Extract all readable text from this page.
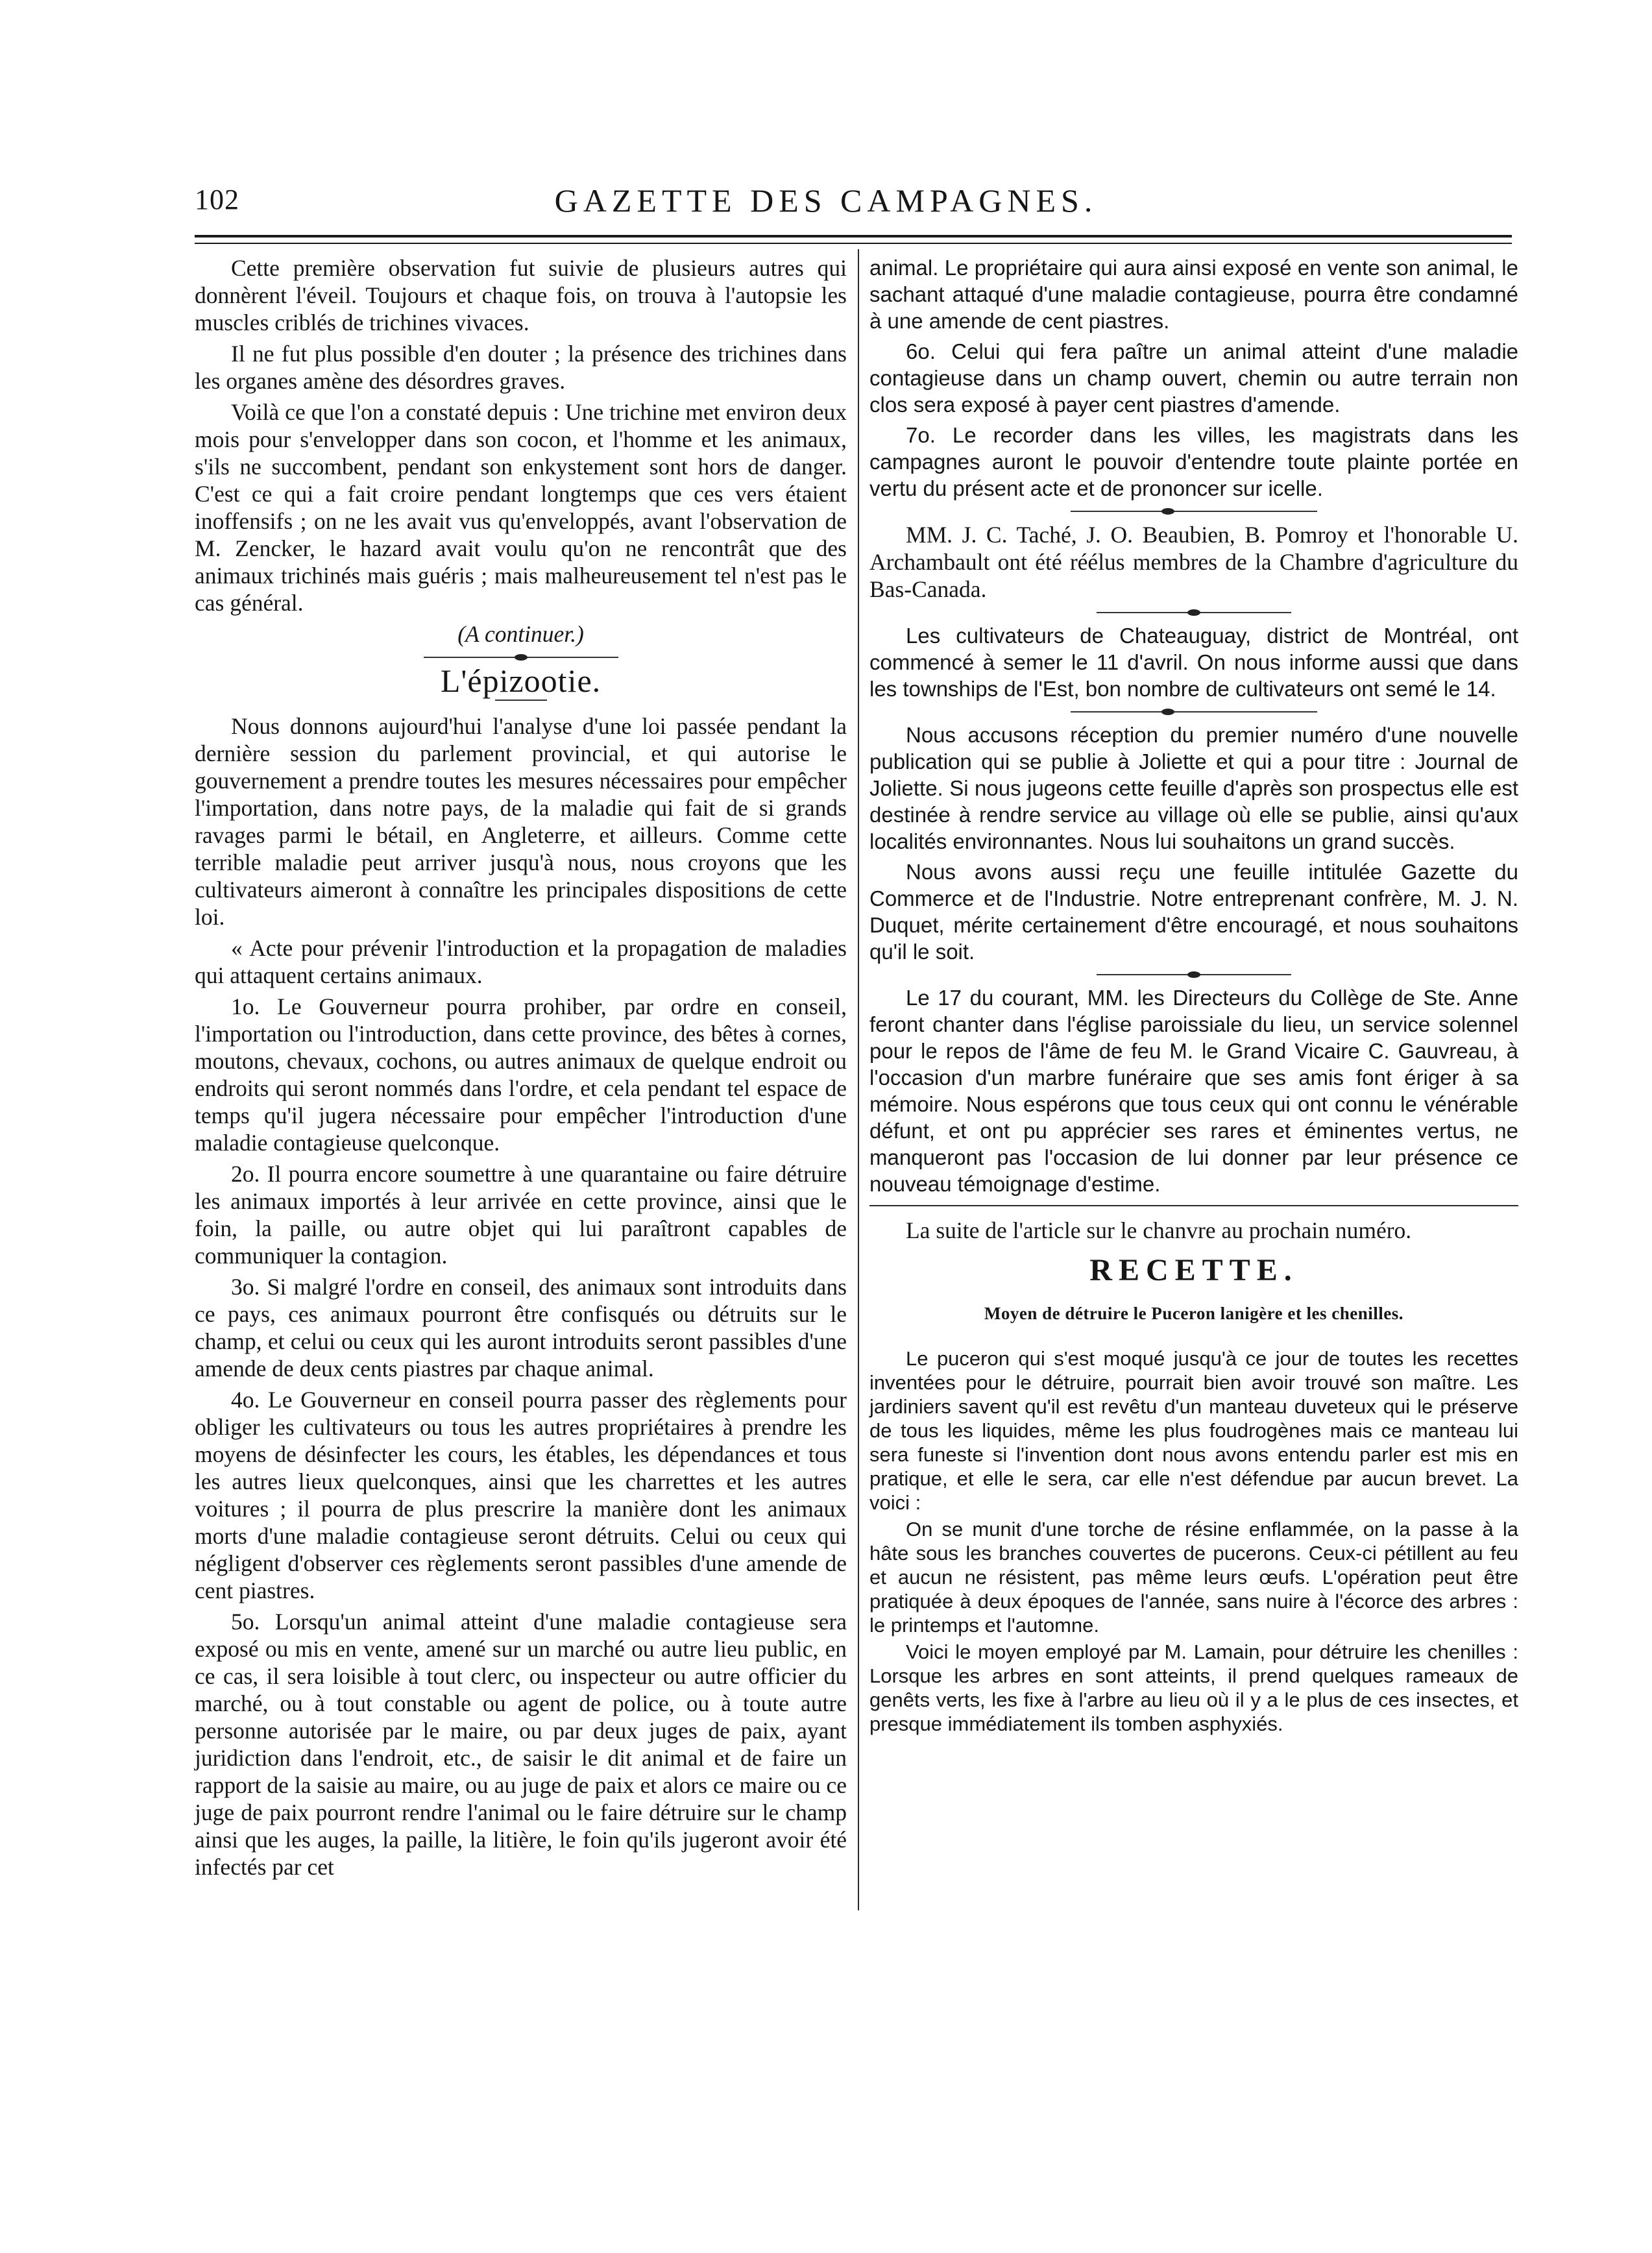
102	GAZETTE DES CAMPAGNES.

Cette première observation fut suivie de plusieurs autres qui donnèrent l'éveil. Toujours et chaque fois, on trouva à l'autopsie les muscles criblés de trichines vivaces.

Il ne fut plus possible d'en douter ; la présence des trichines dans les organes amène des désordres graves.

Voilà ce que l'on a constaté depuis : Une trichine met environ deux mois pour s'envelopper dans son cocon, et l'homme et les animaux, s'ils ne succombent, pendant son enkystement sont hors de danger. C'est ce qui a fait croire pendant longtemps que ces vers étaient inoffensifs ; on ne les avait vus qu'enveloppés, avant l'observation de M. Zencker, le hazard avait voulu qu'on ne rencontrât que des animaux trichinés mais guéris ; mais malheureusement tel n'est pas le cas général.

(A continuer.)

L'épizootie.

Nous donnons aujourd'hui l'analyse d'une loi passée pendant la dernière session du parlement provincial, et qui autorise le gouvernement a prendre toutes les mesures nécessaires pour empêcher l'importation, dans notre pays, de la maladie qui fait de si grands ravages parmi le bétail, en Angleterre, et ailleurs. Comme cette terrible maladie peut arriver jusqu'à nous, nous croyons que les cultivateurs aimeront à connaître les principales dispositions de cette loi.

« Acte pour prévenir l'introduction et la propagation de maladies qui attaquent certains animaux.

1o. Le Gouverneur pourra prohiber, par ordre en conseil, l'importation ou l'introduction, dans cette province, des bêtes à cornes, moutons, chevaux, cochons, ou autres animaux de quelque endroit ou endroits qui seront nommés dans l'ordre, et cela pendant tel espace de temps qu'il jugera nécessaire pour empêcher l'introduction d'une maladie contagieuse quelconque.

2o. Il pourra encore soumettre à une quarantaine ou faire détruire les animaux importés à leur arrivée en cette province, ainsi que le foin, la paille, ou autre objet qui lui paraîtront capables de communiquer la contagion.

3o. Si malgré l'ordre en conseil, des animaux sont introduits dans ce pays, ces animaux pourront être confisqués ou détruits sur le champ, et celui ou ceux qui les auront introduits seront passibles d'une amende de deux cents piastres par chaque animal.

4o. Le Gouverneur en conseil pourra passer des règlements pour obliger les cultivateurs ou tous les autres propriétaires à prendre les moyens de désinfecter les cours, les étables, les dépendances et tous les autres lieux quelconques, ainsi que les charrettes et les autres voitures ; il pourra de plus prescrire la manière dont les animaux morts d'une maladie contagieuse seront détruits. Celui ou ceux qui négligent d'observer ces règlements seront passibles d'une amende de cent piastres.

5o. Lorsqu'un animal atteint d'une maladie contagieuse sera exposé ou mis en vente, amené sur un marché ou autre lieu public, en ce cas, il sera loisible à tout clerc, ou inspecteur ou autre officier du marché, ou à tout constable ou agent de police, ou à toute autre personne autorisée par le maire, ou par deux juges de paix, ayant juridiction dans l'endroit, etc., de saisir le dit animal et de faire un rapport de la saisie au maire, ou au juge de paix et alors ce maire ou ce juge de paix pourront rendre l'animal ou le faire détruire sur le champ ainsi que les auges, la paille, la litière, le foin qu'ils jugeront avoir été infectés par cet

animal. Le propriétaire qui aura ainsi exposé en vente son animal, le sachant attaqué d'une maladie contagieuse, pourra être condamné à une amende de cent piastres.

6o. Celui qui fera paître un animal atteint d'une maladie contagieuse dans un champ ouvert, chemin ou autre terrain non clos sera exposé à payer cent piastres d'amende.

7o. Le recorder dans les villes, les magistrats dans les campagnes auront le pouvoir d'entendre toute plainte portée en vertu du présent acte et de prononcer sur icelle.

MM. J. C. Taché, J. O. Beaubien, B. Pomroy et l'honorable U. Archambault ont été réélus membres de la Chambre d'agriculture du Bas-Canada.

Les cultivateurs de Chateauguay, district de Montréal, ont commencé à semer le 11 d'avril. On nous informe aussi que dans les townships de l'Est, bon nombre de cultivateurs ont semé le 14.

Nous accusons réception du premier numéro d'une nouvelle publication qui se publie à Joliette et qui a pour titre : Journal de Joliette. Si nous jugeons cette feuille d'après son prospectus elle est destinée à rendre service au village où elle se publie, ainsi qu'aux localités environnantes. Nous lui souhaitons un grand succès.

Nous avons aussi reçu une feuille intitulée Gazette du Commerce et de l'Industrie. Notre entreprenant confrère, M. J. N. Duquet, mérite certainement d'être encouragé, et nous souhaitons qu'il le soit.

Le 17 du courant, MM. les Directeurs du Collège de Ste. Anne feront chanter dans l'église paroissiale du lieu, un service solennel pour le repos de l'âme de feu M. le Grand Vicaire C. Gauvreau, à l'occasion d'un marbre funéraire que ses amis font ériger à sa mémoire. Nous espérons que tous ceux qui ont connu le vénérable défunt, et ont pu apprécier ses rares et éminentes vertus, ne manqueront pas l'occasion de lui donner par leur présence ce nouveau témoignage d'estime.

La suite de l'article sur le chanvre au prochain numéro.

RECETTE.
Moyen de détruire le Puceron lanigère et les chenilles.

Le puceron qui s'est moqué jusqu'à ce jour de toutes les recettes inventées pour le détruire, pourrait bien avoir trouvé son maître. Les jardiniers savent qu'il est revêtu d'un manteau duveteux qui le préserve de tous les liquides, même les plus foudrogènes mais ce manteau lui sera funeste si l'invention dont nous avons entendu parler est mis en pratique, et elle le sera, car elle n'est défendue par aucun brevet. La voici :

On se munit d'une torche de résine enflammée, on la passe à la hâte sous les branches couvertes de pucerons. Ceux-ci pétillent au feu et aucun ne résistent, pas même leurs œufs. L'opération peut être pratiquée à deux époques de l'année, sans nuire à l'écorce des arbres : le printemps et l'automne.

Voici le moyen employé par M. Lamain, pour détruire les chenilles : Lorsque les arbres en sont atteints, il prend quelques rameaux de genêts verts, les fixe à l'arbre au lieu où il y a le plus de ces insectes, et presque immédiatement ils tomben asphyxiés.
